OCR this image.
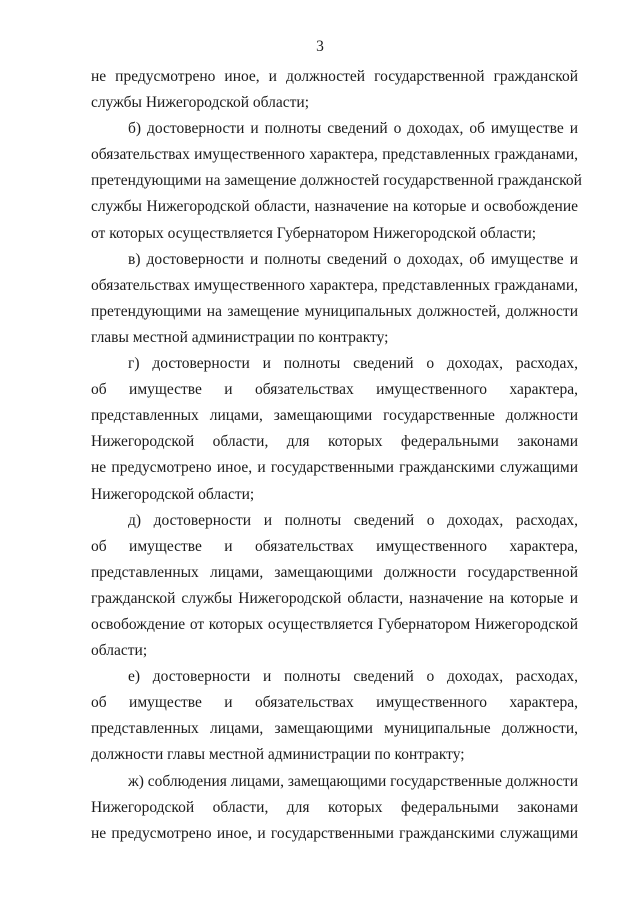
3

не предусмотрено иное, и должностей государственной гражданской
службы Нижегородской области;

б) достоверности и полноты сведений о доходах, об имуществе и
обязательствах имущественного характера, представленных гражданами,
претендующими на замещение должностей государственной гражданской
службы Нижегородской области, назначение на которые и освобождение
от которых осуществляется Губернатором Нижегородской области;

в) достоверности и полноты сведений о доходах, об имуществе и
обязательствах имущественного характера, представленных гражданами,
претендующими на замещение муниципальных должностей, должности
главы местной администрации по контракту;

г) достоверности и полноты сведений о доходах, расходах,
об имуществе и обязательствах имущественного характера,
представленных лицами, замещающими государственные должности
Нижегородской области, для которых федеральными законами
не предусмотрено иное, и государственными гражданскими служащими
Нижегородской области;

д) достоверности и полноты сведений о доходах, расходах,
об имуществе и обязательствах имущественного характера,
представленных лицами, замещающими должности государственной
гражданской службы Нижегородской области, назначение на которые и
освобождение от которых осуществляется Губернатором Нижегородской
области;

е) достоверности и полноты сведений о доходах, расходах,
об имуществе и обязательствах имущественного характера,
представленных лицами, замещающими муниципальные должности,
должности главы местной администрации по контракту;

ж) соблюдения лицами, замещающими государственные должности
Нижегородской области, для которых федеральными законами
не предусмотрено иное, и государственными гражданскими служащими
